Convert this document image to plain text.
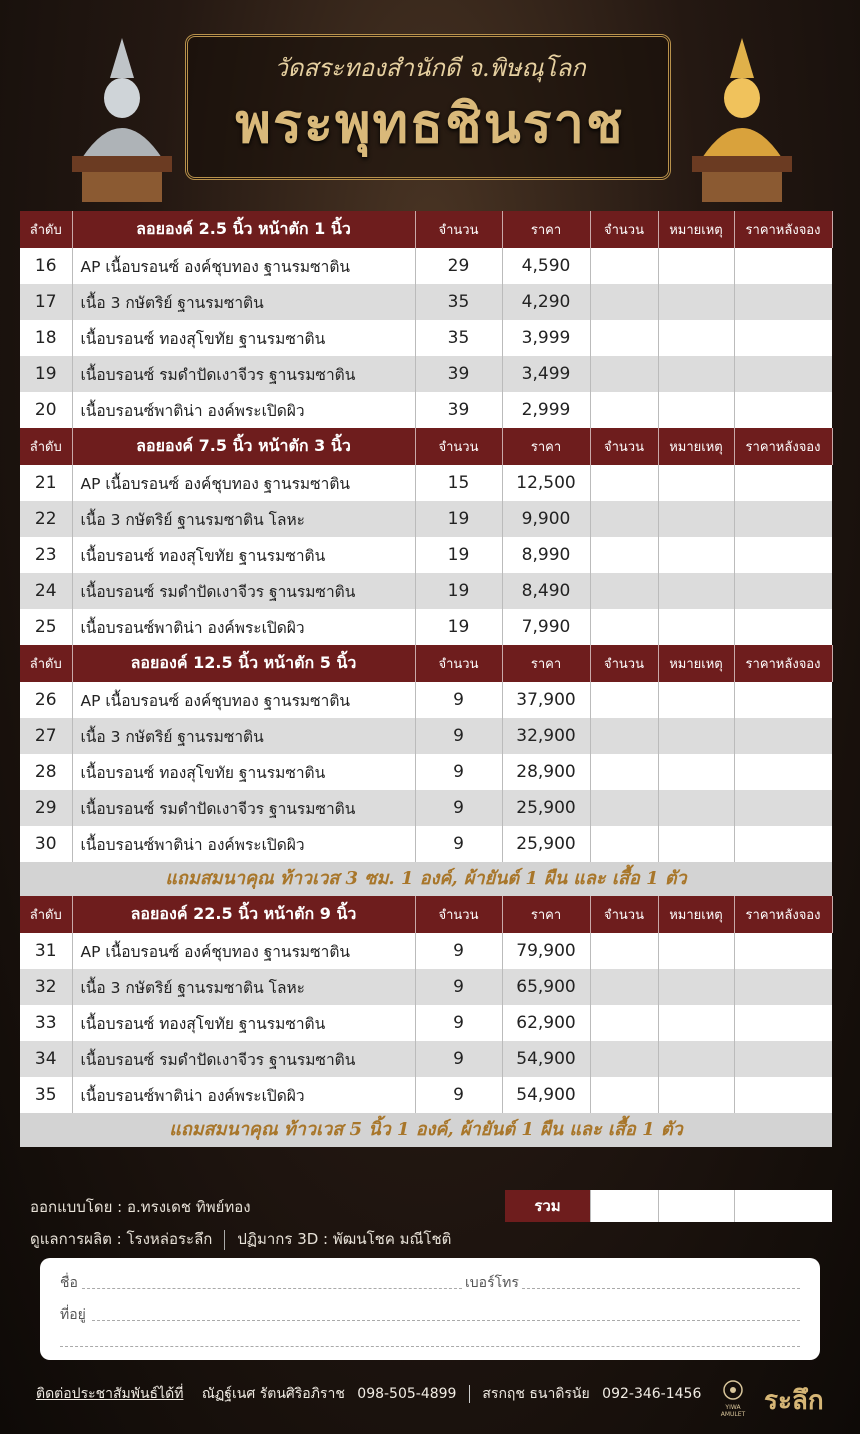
วัดสระทองสำนักดี จ.พิษณุโลก
พระพุทธชินราช
ลำดับ	ลอยองค์ 2.5 นิ้ว หน้าตัก 1 นิ้ว	จำนวน	ราคา	จำนวน	หมายเหตุ	ราคาหลังจอง
16	AP เนื้อบรอนซ์ องค์ชุบทอง ฐานรมซาติน	29	4,590			
17	เนื้อ 3 กษัตริย์ ฐานรมซาติน	35	4,290			
18	เนื้อบรอนซ์ ทองสุโขทัย ฐานรมซาติน	35	3,999			
19	เนื้อบรอนซ์ รมดำปัดเงาจีวร ฐานรมซาติน	39	3,499			
20	เนื้อบรอนซ์พาติน่า องค์พระเปิดผิว	39	2,999			
ลำดับ	ลอยองค์ 7.5 นิ้ว หน้าตัก 3 นิ้ว	จำนวน	ราคา	จำนวน	หมายเหตุ	ราคาหลังจอง
21	AP เนื้อบรอนซ์ องค์ชุบทอง ฐานรมซาติน	15	12,500			
22	เนื้อ 3 กษัตริย์ ฐานรมซาติน โลหะ	19	9,900			
23	เนื้อบรอนซ์ ทองสุโขทัย ฐานรมซาติน	19	8,990			
24	เนื้อบรอนซ์ รมดำปัดเงาจีวร ฐานรมซาติน	19	8,490			
25	เนื้อบรอนซ์พาติน่า องค์พระเปิดผิว	19	7,990			
ลำดับ	ลอยองค์ 12.5 นิ้ว หน้าตัก 5 นิ้ว	จำนวน	ราคา	จำนวน	หมายเหตุ	ราคาหลังจอง
26	AP เนื้อบรอนซ์ องค์ชุบทอง ฐานรมซาติน	9	37,900			
27	เนื้อ 3 กษัตริย์ ฐานรมซาติน	9	32,900			
28	เนื้อบรอนซ์ ทองสุโขทัย ฐานรมซาติน	9	28,900			
29	เนื้อบรอนซ์ รมดำปัดเงาจีวร ฐานรมซาติน	9	25,900			
30	เนื้อบรอนซ์พาติน่า องค์พระเปิดผิว	9	25,900			

แถมสมนาคุณ ท้าวเวส 3 ซม. 1 องค์, ผ้ายันต์ 1 ผืน และ เสื้อ 1 ตัว						

ลำดับ	ลอยองค์ 22.5 นิ้ว หน้าตัก 9 นิ้ว	จำนวน	ราคา	จำนวน	หมายเหตุ	ราคาหลังจอง
31	AP เนื้อบรอนซ์ องค์ชุบทอง ฐานรมซาติน	9	79,900			
32	เนื้อ 3 กษัตริย์ ฐานรมซาติน โลหะ	9	65,900			
33	เนื้อบรอนซ์ ทองสุโขทัย ฐานรมซาติน	9	62,900			
34	เนื้อบรอนซ์ รมดำปัดเงาจีวร ฐานรมซาติน	9	54,900			
35	เนื้อบรอนซ์พาติน่า องค์พระเปิดผิว	9	54,900			

แถมสมนาคุณ ท้าวเวส 5 นิ้ว 1 องค์, ผ้ายันต์ 1 ผืน และ เสื้อ 1 ตัว						
ออกแบบโดย : อ.ทรงเดช ทิพย์ทอง
ดูแลการผลิต : โรงหล่อระลึก ปฏิมากร 3D : พัฒนโชค มณีโชติ
รวม
ชื่อ	เบอร์โทร
ที่อยู่
ติดต่อประชาสัมพันธ์ได้ที่ ณัฏฐ์เนศ รัตนศิริอภิราช 098-505-4899 สรกฤช ธนาดิรนัย 092-346-1456
YIWA AMULET ระลึก
